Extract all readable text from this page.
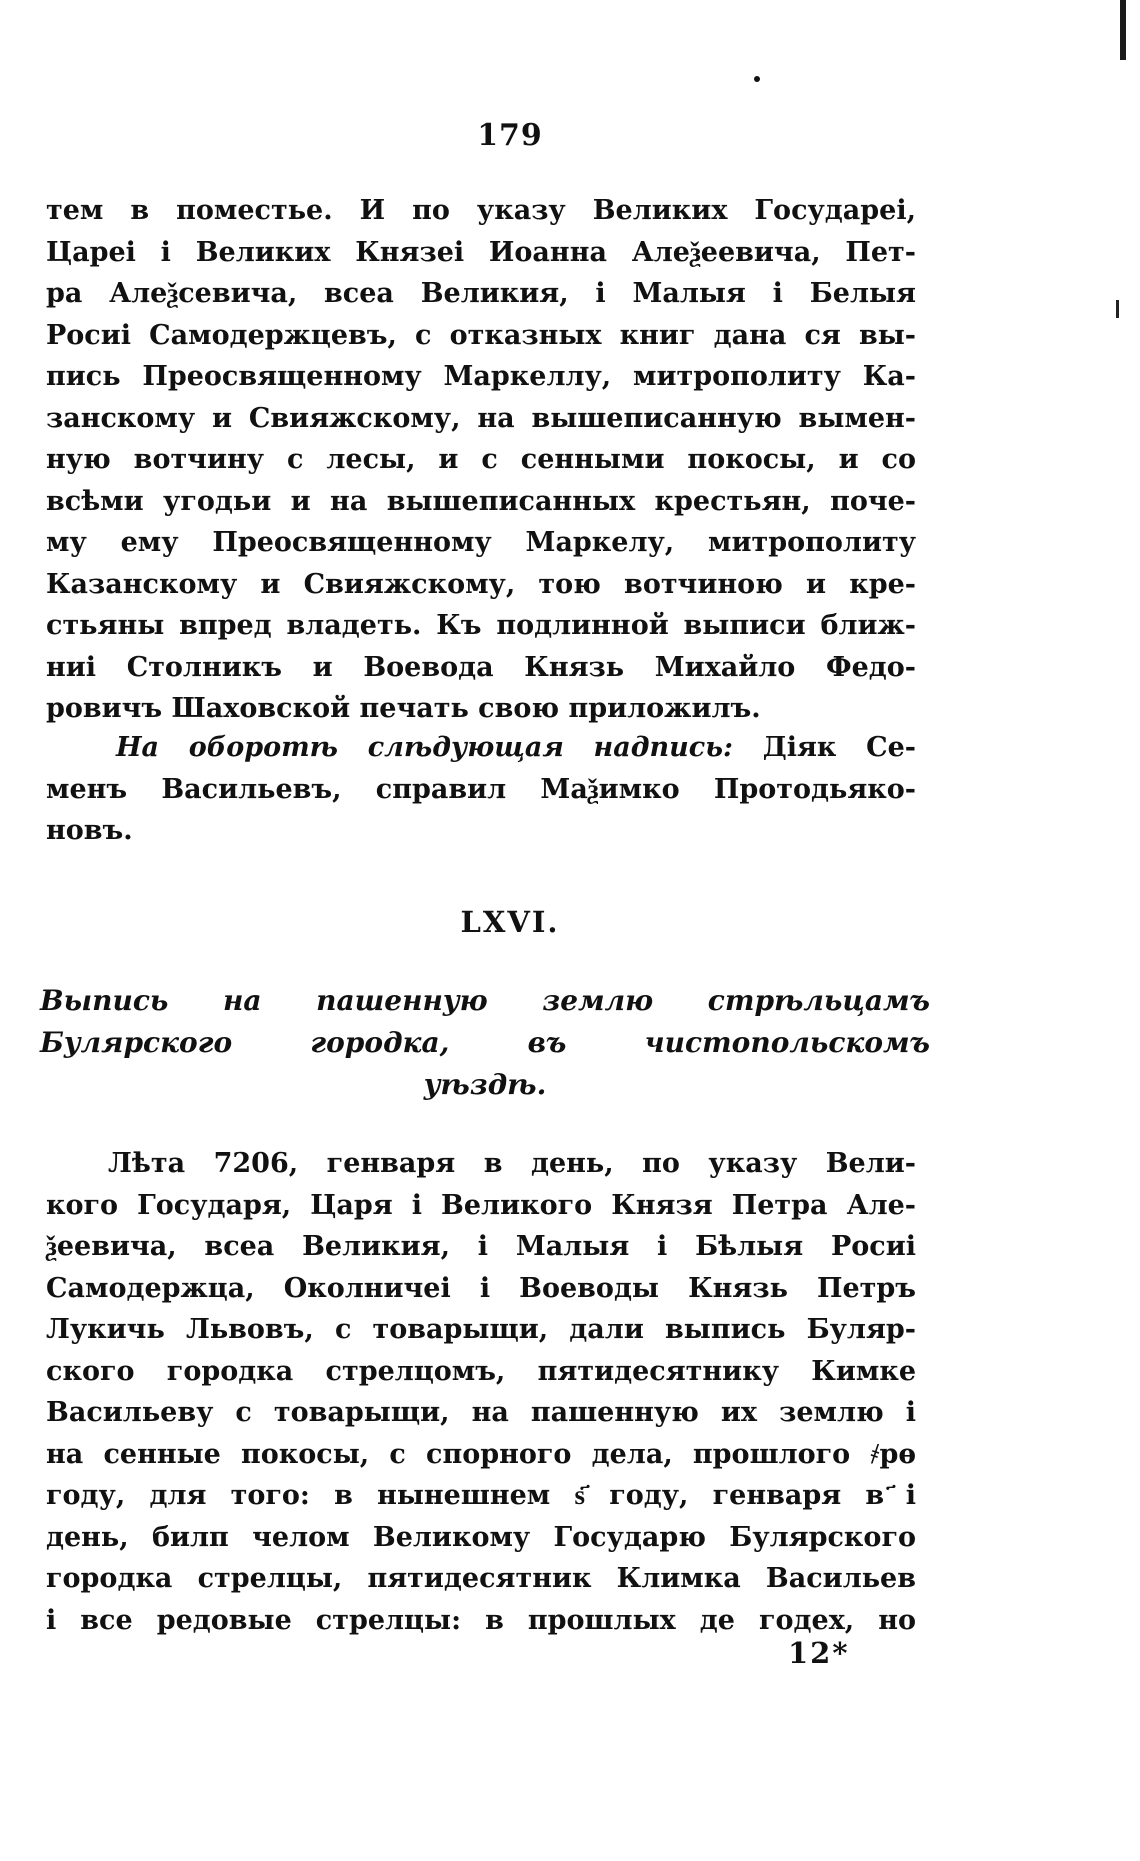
179
тем в поместье. И по указу Великих Государеі,
Цареі і Великих Князеі Иоанна Алеѯеевича, Пет-
ра Алеѯсевича, всеа Великия, і Малыя і Белыя
Росиі Самодержцевъ, с отказных книг дана ся вы-
пись Преосвященному Маркеллу, митрополиту Ка-
занскому и Свияжскому, на вышеписанную вымен-
ную вотчину с лесы, и с сенными покосы, и со
всѣми угодьи и на вышеписанных крестьян, поче-
му ему Преосвященному Маркелу, митрополиту
Казанскому и Свияжскому, тою вотчиною и кре-
стьяны впред владеть. Къ подлинной выписи ближ-
ниі Столникъ и Воевода Князь Михайло Федо-
ровичъ Шаховской печать свою приложилъ.
На оборотѣ слѣдующая надпись: Діяк Се-
менъ Васильевъ, справил Маѯимко Протодьяко-
новъ.
LXVI.
Выпись на пашенную землю стрѣльцамъ
Булярского городка, въ чистопольскомъ
уѣздѣ.
Лѣта 7206, генваря в день, по указу Вели-
кого Государя, Царя і Великого Князя Петра Але-
ѯеевича, всеа Великия, і Малыя і Бѣлыя Росиі
Самодержца, Околничеі і Воеводы Князь Петръ
Лукичь Львовъ, с товарыщи, дали выпись Буляр-
ского городка стрелцомъ, пятидесятнику Кимке
Васильеву с товарыщи, на пашенную их землю і
на сенные покосы, с спорного дела, прошлого ҂рѳ
году, для того: в нынешнем ѕ҃ году, генваря в ҃і
день, билп челом Великому Государю Булярского
городка стрелцы, пятидесятник Климка Васильев
і все редовые стрелцы: в прошлых де годех, но
12*
